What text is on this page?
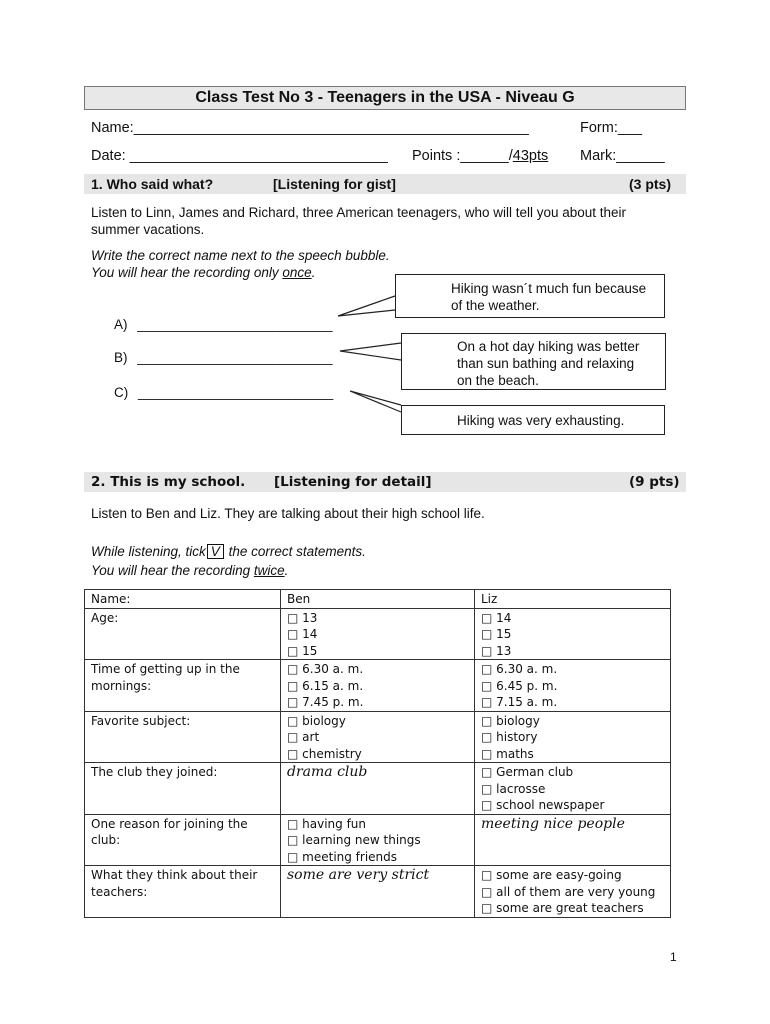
Class Test No 3 - Teenagers in the USA - Niveau G
Name:_________________________________________________	Form:___
Date: ________________________________ Points :______/43pts Mark:______
1. Who said what?	[Listening for gist]	(3 pts)
Listen to Linn, James and Richard, three American teenagers, who will tell you about their
summer vacations.
Write the correct name next to the speech bubble.
You will hear the recording only once.
A) __________________________
B) __________________________
C) __________________________
Hiking wasn´t much fun because
of the weather.
On a hot day hiking was better
than sun bathing and relaxing
on the beach.
Hiking was very exhausting.
2. This is my school. [Listening for detail]	(9 pts)
Listen to Ben and Liz. They are talking about their high school life.
While listening, tick V the correct statements.
You will hear the recording twice.
Name:	Ben	Liz

Age:	□ 13
□ 14
□ 15	□ 14
□ 15
□ 13

Time of getting up in the
mornings:	□ 6.30 a. m.
□ 6.15 a. m.
□ 7.45 p. m.	□ 6.30 a. m.
□ 6.45 p. m.
□ 7.15 a. m.

Favorite subject:	□ biology
□ art
□ chemistry	□ biology
□ history
□ maths

The club they joined:	drama club	□ German club
□ lacrosse
□ school newspaper

One reason for joining the
club:	□ having fun
□ learning new things
□ meeting friends	meeting nice people

What they think about their
teachers:	some are very strict	□ some are easy-going
□ all of them are very young
□ some are great teachers
1
